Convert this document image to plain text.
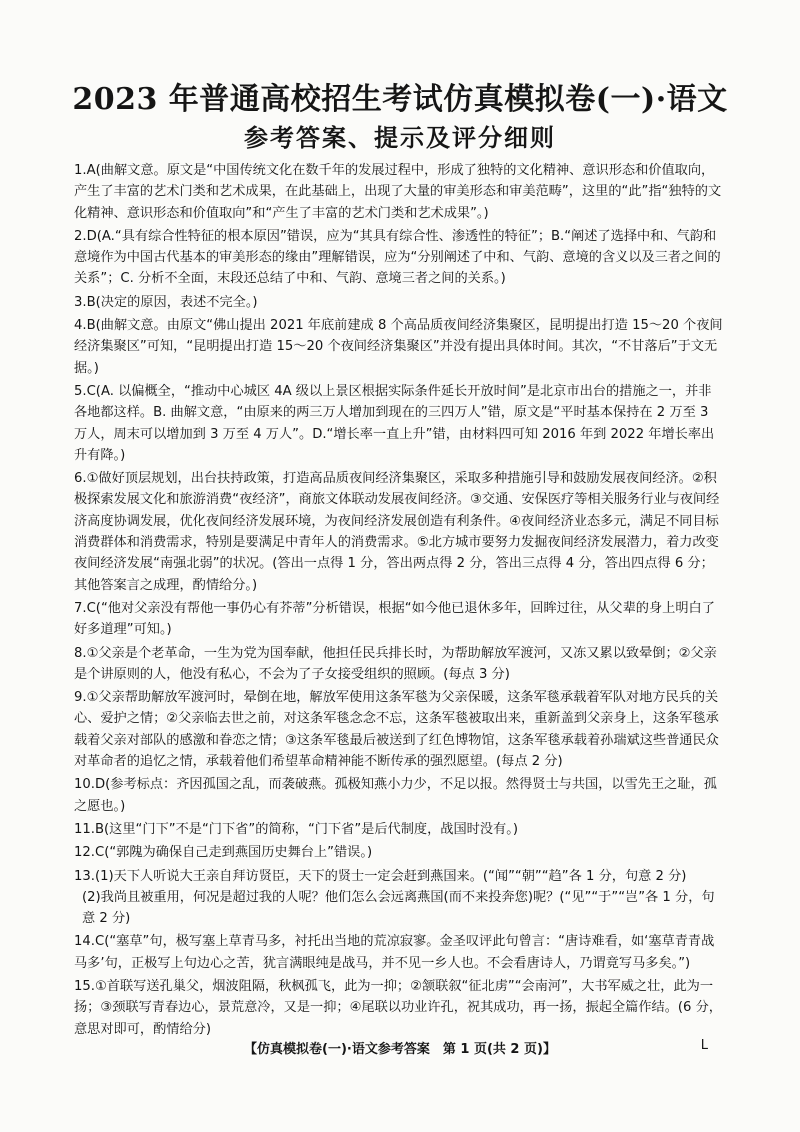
2023 年普通高校招生考试仿真模拟卷(一)·语文
参考答案、提示及评分细则
1.A(曲解文意。原文是“中国传统文化在数千年的发展过程中，形成了独特的文化精神、意识形态和价值取向，产生了丰富的艺术门类和艺术成果，在此基础上，出现了大量的审美形态和审美范畴”，这里的“此”指“独特的文化精神、意识形态和价值取向”和“产生了丰富的艺术门类和艺术成果”。)
2.D(A.“具有综合性特征的根本原因”错误，应为“其具有综合性、渗透性的特征”；B.“阐述了选择中和、气韵和意境作为中国古代基本的审美形态的缘由”理解错误，应为“分别阐述了中和、气韵、意境的含义以及三者之间的关系”；C. 分析不全面，末段还总结了中和、气韵、意境三者之间的关系。)
3.B(决定的原因，表述不完全。)
4.B(曲解文意。由原文“佛山提出 2021 年底前建成 8 个高品质夜间经济集聚区，昆明提出打造 15～20 个夜间经济集聚区”可知，“昆明提出打造 15～20 个夜间经济集聚区”并没有提出具体时间。其次，“不甘落后”于文无据。)
5.C(A. 以偏概全，“推动中心城区 4A 级以上景区根据实际条件延长开放时间”是北京市出台的措施之一，并非各地都这样。B. 曲解文意，“由原来的两三万人增加到现在的三四万人”错，原文是“平时基本保持在 2 万至 3 万人，周末可以增加到 3 万至 4 万人”。D.“增长率一直上升”错，由材料四可知 2016 年到 2022 年增长率出升有降。)
6.①做好顶层规划，出台扶持政策，打造高品质夜间经济集聚区，采取多种措施引导和鼓励发展夜间经济。②积极探索发展文化和旅游消费“夜经济”，商旅文体联动发展夜间经济。③交通、安保医疗等相关服务行业与夜间经济高度协调发展，优化夜间经济发展环境，为夜间经济发展创造有利条件。④夜间经济业态多元，满足不同目标消费群体和消费需求，特别是要满足中青年人的消费需求。⑤北方城市要努力发掘夜间经济发展潜力，着力改变夜间经济发展“南强北弱”的状况。(答出一点得 1 分，答出两点得 2 分，答出三点得 4 分，答出四点得 6 分；其他答案言之成理，酌情给分。)
7.C(“他对父亲没有帮他一事仍心有芥蒂”分析错误，根据“如今他已退休多年，回眸过往，从父辈的身上明白了好多道理”可知。)
8.①父亲是个老革命，一生为党为国奉献，他担任民兵排长时，为帮助解放军渡河，又冻又累以致晕倒；②父亲是个讲原则的人，他没有私心，不会为了子女接受组织的照顾。(每点 3 分)
9.①父亲帮助解放军渡河时，晕倒在地，解放军使用这条军毯为父亲保暖，这条军毯承载着军队对地方民兵的关心、爱护之情；②父亲临去世之前，对这条军毯念念不忘，这条军毯被取出来，重新盖到父亲身上，这条军毯承载着父亲对部队的感激和眷恋之情；③这条军毯最后被送到了红色博物馆，这条军毯承载着孙瑞斌这些普通民众对革命者的追忆之情，承载着他们希望革命精神能不断传承的强烈愿望。(每点 2 分)
10.D(参考标点：齐因孤国之乱，而袭破燕。孤极知燕小力少，不足以报。然得贤士与共国，以雪先王之耻，孤之愿也。)
11.B(这里“门下”不是“门下省”的简称，“门下省”是后代制度，战国时没有。)
12.C(“郭隗为确保自己走到燕国历史舞台上”错误。)
13.(1)天下人听说大王亲自拜访贤臣，天下的贤士一定会赶到燕国来。(“闻”“朝”“趋”各 1 分，句意 2 分)
(2)我尚且被重用，何况是超过我的人呢？他们怎么会远离燕国(而不来投奔您)呢？(“见”“于”“岂”各 1 分，句意 2 分)
14.C(“塞草”句，极写塞上草青马多，衬托出当地的荒凉寂寥。金圣叹评此句曾言：“唐诗难看，如‘塞草青青战马多’句，正极写上句边心之苦，犹言满眼纯是战马，并不见一乡人也。不会看唐诗人，乃谓竟写马多矣。”)
15.①首联写送孔巢父，烟波阻隔，秋枫孤飞，此为一抑；②颔联叙“征北虏”“会南河”，大书军威之壮，此为一扬；③颈联写青春边心，景荒意冷，又是一抑；④尾联以功业许孔，祝其成功，再一扬，振起全篇作结。(6 分，意思对即可，酌情给分)
【仿真模拟卷(一)·语文参考答案　第 1 页(共 2 页)】	L
